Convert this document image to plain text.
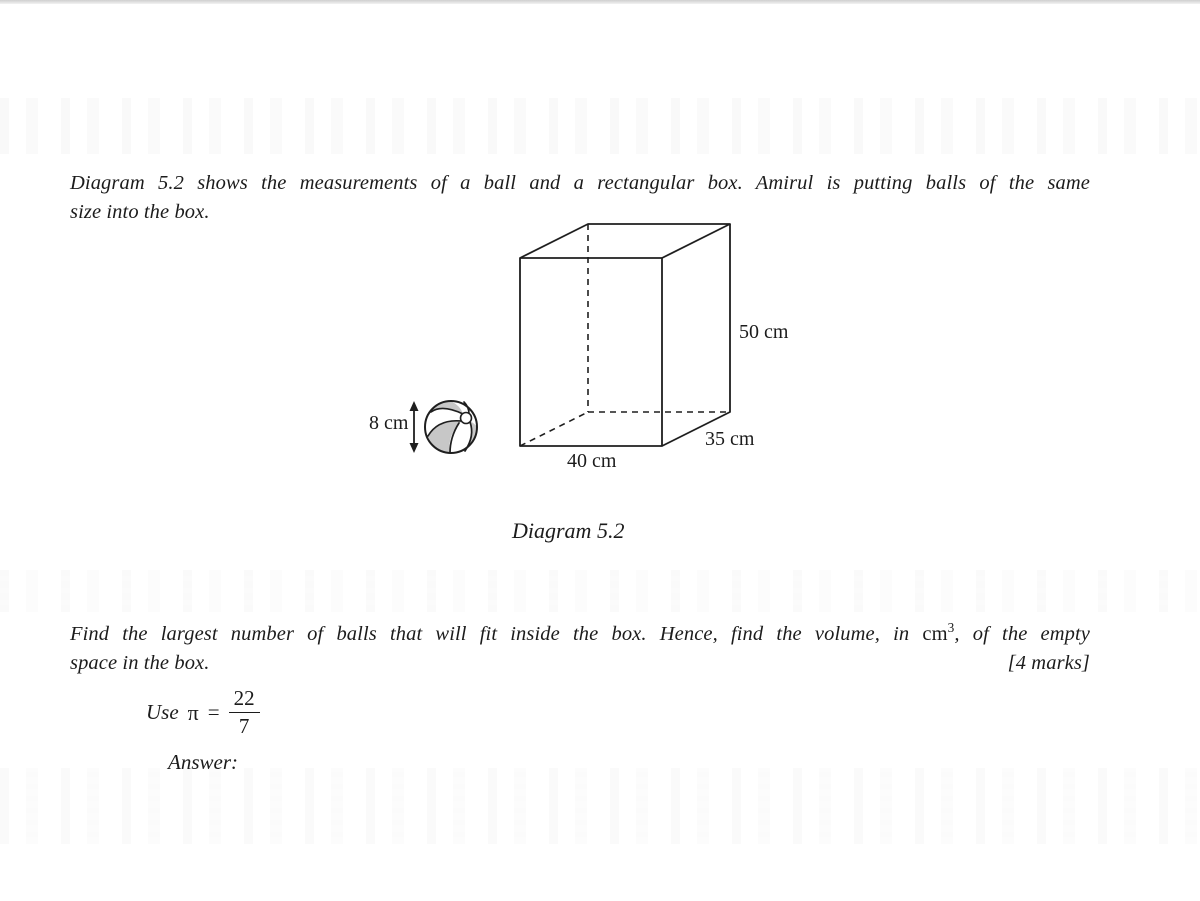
Diagram 5.2 shows the measurements of a ball and a rectangular box. Amirul is putting balls of the same
size into the box.
50 cm
35 cm
40 cm
8 cm
Diagram 5.2
Find the largest number of balls that will fit inside the box. Hence, find the volume, in $cm^3$, of the empty
space in the box.	[4 marks]
Use $\pi = \frac{22}{7}$
Answer:
